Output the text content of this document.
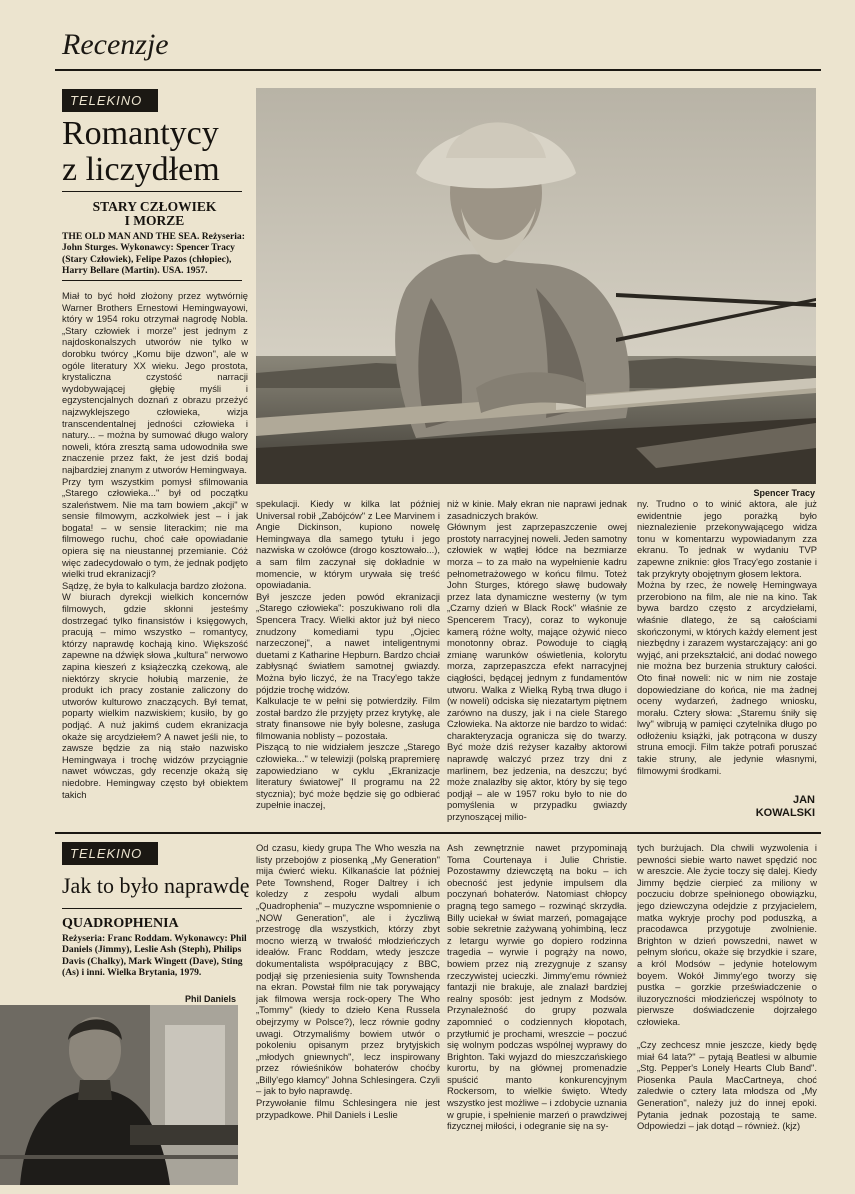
Recenzje
TELEKINO
Romantycy
z liczydłem
STARY CZŁOWIEK
I MORZE
THE OLD MAN AND THE SEA. Reżyseria: John Sturges. Wykonawcy: Spencer Tracy (Stary Człowiek), Felipe Pazos (chłopiec), Harry Bellare (Martin). USA. 1957.
Miał to być hołd złożony przez wytwórnię Warner Brothers Ernestowi Hemingwayowi, który w 1954 roku otrzymał nagrodę Nobla. „Stary człowiek i morze" jest jednym z najdoskonalszych utworów nie tylko w dorobku twórcy „Komu bije dzwon", ale w ogóle literatury XX wieku. Jego prostota, krystaliczna czystość narracji wydobywającej głębię myśli i egzystencjalnych doznań z obrazu przeżyć najzwyklejszego człowieka, wizja transcendentalnej jedności człowieka i natury... – można by sumować długo walory noweli, która zresztą sama udowodniła swe znaczenie przez fakt, że jest dziś bodaj najbardziej znanym z utworów Hemingwaya.
Przy tym wszystkim pomysł sfilmowania „Starego człowieka..." był od początku szaleństwem. Nie ma tam bowiem „akcji" w sensie filmowym, aczkolwiek jest – i jak bogata! – w sensie literackim; nie ma filmowego ruchu, choć całe opowiadanie opiera się na nieustannej przemianie. Cóż więc zadecydowało o tym, że jednak podjęto wielki trud ekranizacji?
Sądzę, że była to kalkulacja bardzo złożona.
W biurach dyrekcji wielkich koncernów filmowych, gdzie skłonni jesteśmy dostrzegać tylko finansistów i księgowych, pracują – mimo wszystko – romantycy, którzy naprawdę kochają kino. Większość zapewne na dźwięk słowa „kultura" nerwowo zapina kieszeń z książeczką czekową, ale niektórzy skrycie hołubią marzenie, że produkt ich pracy zostanie zaliczony do utworów kulturowo znaczących. Był temat, poparty wielkim nazwiskiem; kusiło, by go podjąć. A nuż jakimś cudem ekranizacja okaże się arcydziełem? A nawet jeśli nie, to zawsze będzie za nią stało nazwisko Hemingwaya i trochę widzów przyciągnie nawet wówczas, gdy recenzje okażą się niedobre. Hemingway często był obiektem takich
Spencer Tracy
spekulacji. Kiedy w kilka lat później Universal robił „Zabójców" z Lee Marvinem i Angie Dickinson, kupiono nowelę Hemingwaya dla samego tytułu i jego nazwiska w czołówce (drogo kosztowało...), a sam film zaczynał się dokładnie w momencie, w którym urywała się treść opowiadania.
Był jeszcze jeden powód ekranizacji „Starego człowieka": poszukiwano roli dla Spencera Tracy. Wielki aktor już był nieco znudzony komediami typu „Ojciec narzeczonej", a nawet inteligentnymi duetami z Katharine Hepburn. Bardzo chciał zabłysnąć światłem samotnej gwiazdy. Można było liczyć, że na Tracy'ego także pójdzie trochę widzów.
Kalkulacje te w pełni się potwierdziły. Film został bardzo źle przyjęty przez krytykę, ale straty finansowe nie były bolesne, zasługa filmowania noblisty – pozostała.
Piszącą to nie widziałem jeszcze „Starego człowieka..." w telewizji (polską prapremierę zapowiedziano w cyklu „Ekranizacje literatury światowej" II programu na 22 stycznia); być może będzie się go odbierać zupełnie inaczej,
niż w kinie. Mały ekran nie naprawi jednak zasadniczych braków.
Głównym jest zaprzepaszczenie owej prostoty narracyjnej noweli. Jeden samotny człowiek w wątłej łódce na bezmiarze morza – to za mało na wypełnienie kadru pełnometrażowego w końcu filmu. Toteż John Sturges, którego sławę budowały przez lata dynamiczne westerny (w tym „Czarny dzień w Black Rock" właśnie ze Spencerem Tracy), coraz to wykonuje kamerą różne wolty, mające ożywić nieco monotonny obraz. Powoduje to ciągłą zmianę warunków oświetlenia, kolorytu morza, zaprzepaszcza efekt narracyjnej ciągłości, będącej jednym z fundamentów utworu. Walka z Wielką Rybą trwa długo i (w noweli) odciska się niezatartym piętnem zarówno na duszy, jak i na ciele Starego Człowieka. Na aktorze nie bardzo to widać: charakteryzacja ogranicza się do twarzy. Być może dziś reżyser kazałby aktorowi naprawdę walczyć przez trzy dni z marlinem, bez jedzenia, na deszczu; być może znalazłby się aktor, który by się tego podjął – ale w 1957 roku było to nie do pomyślenia w przypadku gwiazdy przynoszącej milio-
ny. Trudno o to winić aktora, ale już ewidentnie jego porażką było nieznalezienie przekonywającego widza tonu w komentarzu wypowiadanym zza ekranu. To jednak w wydaniu TVP zapewne zniknie: głos Tracy'ego zostanie i tak przykryty obojętnym głosem lektora.
Można by rzec, że nowelę Hemingwaya przerobiono na film, ale nie na kino. Tak bywa bardzo często z arcydziełami, właśnie dlatego, że są całościami skończonymi, w których każdy element jest niezbędny i zarazem wystarczający: ani go wyjąć, ani przekształcić, ani dodać nowego nie można bez burzenia struktury całości. Oto finał noweli: nic w nim nie zostaje dopowiedziane do końca, nie ma żadnej oceny wydarzeń, żadnego wniosku, morału. Cztery słowa: „Staremu śniły się lwy" wibrują w pamięci czytelnika długo po odłożeniu książki, jak potrącona w duszy struna emocji. Film także potrafi poruszać takie struny, ale jedynie własnymi, filmowymi środkami.
JAN
KOWALSKI
TELEKINO
Jak to było naprawdę
QUADROPHENIA
Reżyseria: Franc Roddam. Wykonawcy: Phil Daniels (Jimmy), Leslie Ash (Steph), Philips Davis (Chalky), Mark Wingett (Dave), Sting (As) i inni. Wielka Brytania, 1979.
Phil Daniels
Od czasu, kiedy grupa The Who weszła na listy przebojów z piosenką „My Generation" mija ćwierć wieku. Kilkanaście lat później Pete Townshend, Roger Daltrey i ich koledzy z zespołu wydali album „Quadrophenia" – muzyczne wspomnienie o „NOW Generation", ale i życzliwą przestrogę dla wszystkich, którzy zbyt mocno wierzą w trwałość młodzieńczych ideałów. Franc Roddam, wtedy jeszcze dokumentalista współpracujący z BBC, podjął się przeniesienia suity Townshenda na ekran. Powstał film nie tak porywający jak filmowa wersja rock-opery The Who „Tommy" (kiedy to dzieło Kena Russela obejrzymy w Polsce?), lecz równie godny uwagi. Otrzymaliśmy bowiem utwór o pokoleniu opisanym przez brytyjskich „młodych gniewnych", lecz inspirowany przez rówieśników bohaterów choćby „Billy'ego kłamcy" Johna Schlesingera. Czyli – jak to było naprawdę.
Przywołanie filmu Schlesingera nie jest przypadkowe. Phil Daniels i Leslie
Ash zewnętrznie nawet przypominają Toma Courtenaya i Julie Christie. Pozostawmy dziewczętą na boku – ich obecność jest jedynie impulsem dla poczynań bohaterów. Natomiast chłopcy pragną tego samego – rozwinąć skrzydła. Billy uciekał w świat marzeń, pomagające sobie sekretnie zażywaną yohimbiną, lecz z letargu wyrwie go dopiero rodzinna tragedia – wyrwie i pogrąży na nowo, bowiem przez nią zrezygnuje z szansy rzeczywistej ucieczki. Jimmy'emu również fantazji nie brakuje, ale znalazł bardziej realny sposób: jest jednym z Modsów. Przynależność do grupy pozwala zapomnieć o codziennych kłopotach, przytłumić je prochami, wreszcie – poczuć się wolnym podczas wspólnej wyprawy do Brighton. Taki wyjazd do mieszczańskiego kurortu, by na głównej promenadzie spuścić manto konkurencyjnym Rockersom, to wielkie święto. Wtedy wszystko jest możliwe – i zdobycie uznania w grupie, i spełnienie marzeń o prawdziwej fizycznej miłości, i odegranie się na sy-
tych burżujach. Dla chwili wyzwolenia i pewności siebie warto nawet spędzić noc w areszcie. Ale życie toczy się dalej. Kiedy Jimmy będzie cierpieć za miliony w poczuciu dobrze spełnionego obowiązku, jego dziewczyna odejdzie z przyjacielem, matka wykryje prochy pod poduszką, a pracodawca przygotuje zwolnienie. Brighton w dzień powszedni, nawet w pełnym słońcu, okaże się brzydkie i szare, a król Modsów – jedynie hotelowym boyem. Wokół Jimmy'ego tworzy się pustka – gorzkie przeświadczenie o iluzoryczności młodzieńczej wspólnoty to pierwsze doświadczenie dojrzałego człowieka.

„Czy zechcesz mnie jeszcze, kiedy będę miał 64 lata?" – pytają Beatlesi w albumie „Stg. Pepper's Lonely Hearts Club Band". Piosenka Paula MacCartneya, choć zaledwie o cztery lata młodsza od „My Generation", należy już do innej epoki. Pytania jednak pozostają te same. Odpowiedzi – jak dotąd – również. (kjz)
